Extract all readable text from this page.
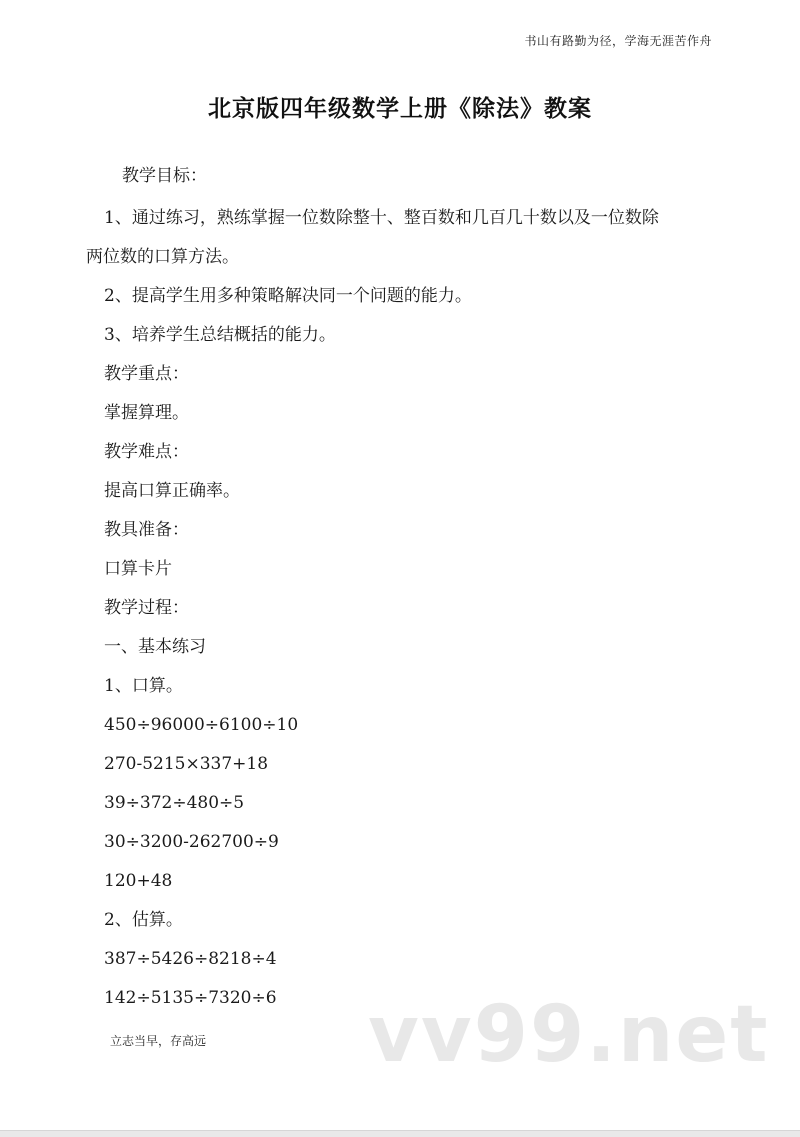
书山有路勤为径，学海无涯苦作舟
北京版四年级数学上册《除法》教案
教学目标：
1、通过练习，熟练掌握一位数除整十、整百数和几百几十数以及一位数除
两位数的口算方法。
2、提高学生用多种策略解决同一个问题的能力。
3、培养学生总结概括的能力。
教学重点：
掌握算理。
教学难点：
提高口算正确率。
教具准备：
口算卡片
教学过程：
一、基本练习
1、口算。
450÷96000÷6100÷10
270-5215×337+18
39÷372÷480÷5
30÷3200-262700÷9
120+48
2、估算。
387÷5426÷8218÷4
142÷5135÷7320÷6 vv99.net
立志当早，存高远
